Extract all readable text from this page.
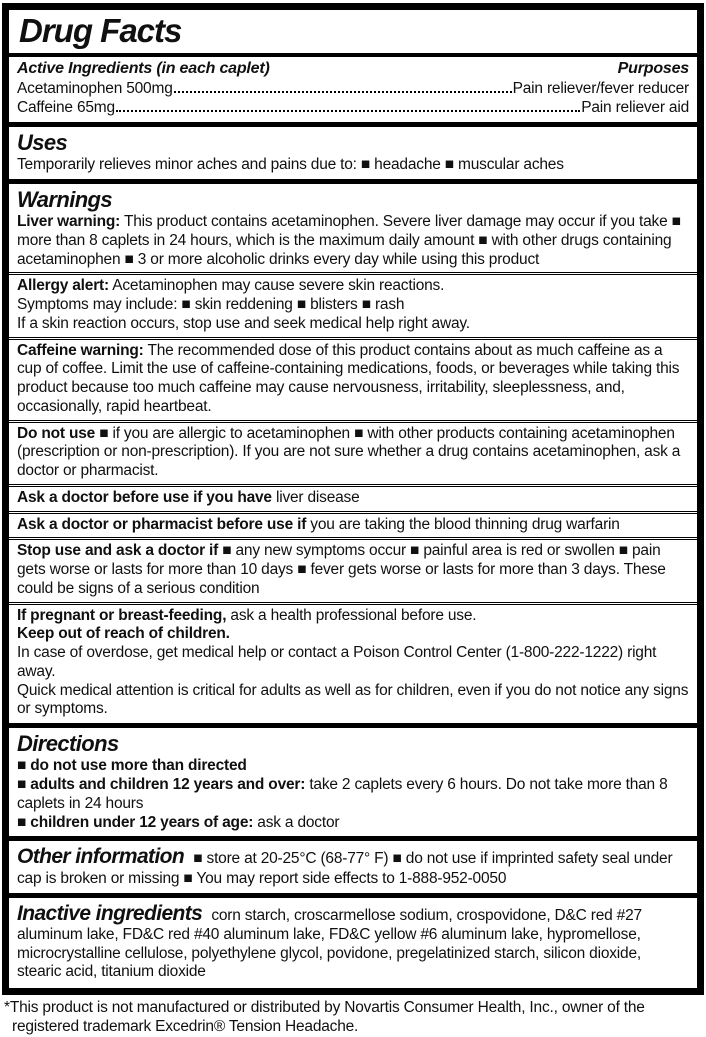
Drug Facts
Active Ingredients (in each caplet)	Purposes
Acetaminophen 500mg	Pain reliever/fever reducer
Caffeine 65mg	Pain reliever aid
Uses

Temporarily relieves minor aches and pains due to: ■ headache ■ muscular aches

Warnings

Liver warning: This product contains acetaminophen. Severe liver damage may occur if you take ■ more than 8 caplets in 24 hours, which is the maximum daily amount ■ with other drugs containing acetaminophen ■ 3 or more alcoholic drinks every day while using this product

Allergy alert: Acetaminophen may cause severe skin reactions.

Symptoms may include: ■ skin reddening ■ blisters ■ rash

If a skin reaction occurs, stop use and seek medical help right away.

Caffeine warning: The recommended dose of this product contains about as much caffeine as a cup of coffee. Limit the use of caffeine-containing medications, foods, or beverages while taking this product because too much caffeine may cause nervousness, irritability, sleeplessness, and, occasionally, rapid heartbeat.

Do not use ■ if you are allergic to acetaminophen ■ with other products containing acetaminophen (prescription or non-prescription). If you are not sure whether a drug contains acetaminophen, ask a doctor or pharmacist.

Ask a doctor before use if you have liver disease

Ask a doctor or pharmacist before use if you are taking the blood thinning drug warfarin

Stop use and ask a doctor if ■ any new symptoms occur ■ painful area is red or swollen ■ pain gets worse or lasts for more than 10 days ■ fever gets worse or lasts for more than 3 days. These could be signs of a serious condition

If pregnant or breast-feeding, ask a health professional before use.

Keep out of reach of children.

In case of overdose, get medical help or contact a Poison Control Center (1-800-222-1222) right away.

Quick medical attention is critical for adults as well as for children, even if you do not notice any signs or symptoms.

Directions

■ do not use more than directed

■ adults and children 12 years and over: take 2 caplets every 6 hours. Do not take more than 8 caplets in 24 hours

■ children under 12 years of age: ask a doctor

Other information ■ store at 20-25°C (68-77° F) ■ do not use if imprinted safety seal under cap is broken or missing ■ You may report side effects to 1-888-952-0050

Inactive ingredients corn starch, croscarmellose sodium, crospovidone, D&C red #27 aluminum lake, FD&C red #40 aluminum lake, FD&C yellow #6 aluminum lake, hypromellose, microcrystalline cellulose, polyethylene glycol, povidone, pregelatinized starch, silicon dioxide, stearic acid, titanium dioxide

*This product is not manufactured or distributed by Novartis Consumer Health, Inc., owner of the registered trademark Excedrin® Tension Headache.
